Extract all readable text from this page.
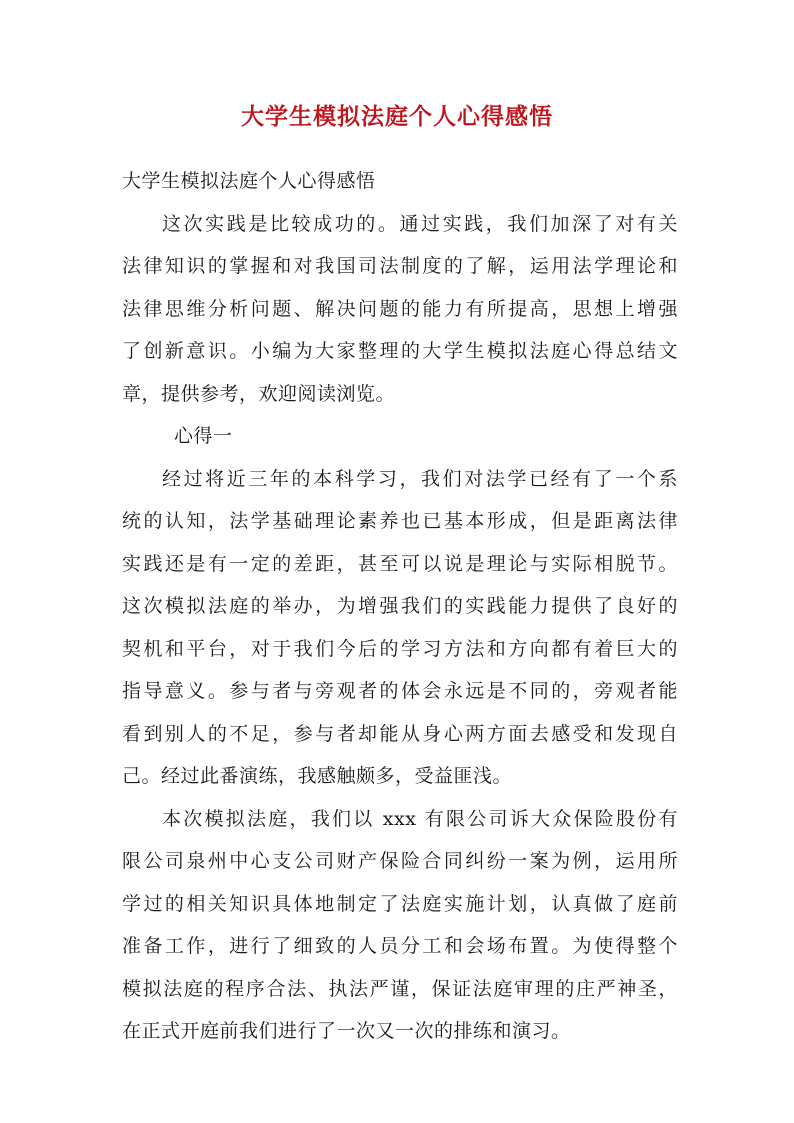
大学生模拟法庭个人心得感悟
大学生模拟法庭个人心得感悟
这次实践是比较成功的。通过实践，我们加深了对有关
法律知识的掌握和对我国司法制度的了解，运用法学理论和
法律思维分析问题、解决问题的能力有所提高，思想上增强
了创新意识。小编为大家整理的大学生模拟法庭心得总结文
章，提供参考，欢迎阅读浏览。
心得一
经过将近三年的本科学习，我们对法学已经有了一个系
统的认知，法学基础理论素养也已基本形成，但是距离法律
实践还是有一定的差距，甚至可以说是理论与实际相脱节。
这次模拟法庭的举办，为增强我们的实践能力提供了良好的
契机和平台，对于我们今后的学习方法和方向都有着巨大的
指导意义。参与者与旁观者的体会永远是不同的，旁观者能
看到别人的不足，参与者却能从身心两方面去感受和发现自
己。经过此番演练，我感触颇多，受益匪浅。
本次模拟法庭，我们以 xxx 有限公司诉大众保险股份有
限公司泉州中心支公司财产保险合同纠纷一案为例，运用所
学过的相关知识具体地制定了法庭实施计划，认真做了庭前
准备工作，进行了细致的人员分工和会场布置。为使得整个
模拟法庭的程序合法、执法严谨，保证法庭审理的庄严神圣，
在正式开庭前我们进行了一次又一次的排练和演习。
